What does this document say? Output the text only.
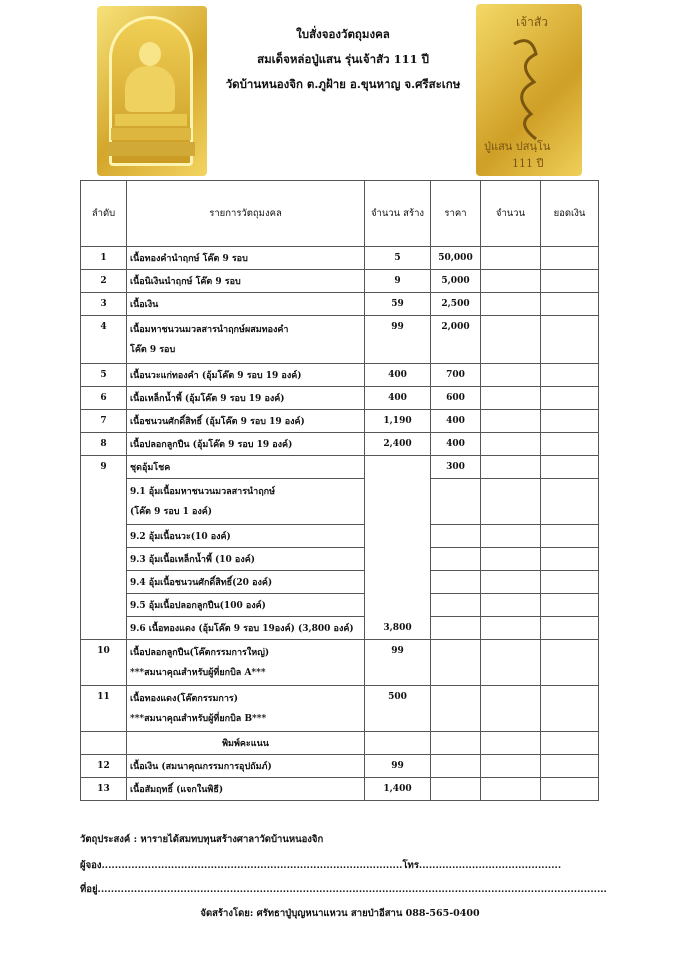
ใบสั่งจองวัตถุมงคล
สมเด็จหล่อปู่แสน รุ่นเจ้าสัว 111 ปี
วัดบ้านหนองจิก ต.ภูฝ้าย อ.ขุนหาญ จ.ศรีสะเกษ
เจ้าสัว
ปู่แสน ปสนฺโน
111 ปี
ลำดับ	รายการวัตถุมงคล	จำนวน สร้าง	ราคา	จำนวน	ยอดเงิน
1	เนื้อทองคำนำฤกษ์ โค๊ต 9 รอบ	5	50,000		
2	เนื้อนิเงินนำฤกษ์ โค๊ต 9 รอบ	9	5,000		
3	เนื้อเงิน	59	2,500		
4	เนื้อมหาชนวนมวลสารนำฤกษ์ผสมทองคำ
โค๊ต 9 รอบ	99	2,000		
5	เนื้อนวะแก่ทองคำ (อุ้มโค๊ต 9 รอบ 19 องค์)	400	700		
6	เนื้อเหล็กน้ำพี้ (อุ้มโค๊ต 9 รอบ 19 องค์)	400	600		
7	เนื้อชนวนศักดิ์สิทธิ์ (อุ้มโค๊ต 9 รอบ 19 องค์)	1,190	400		
8	เนื้อปลอกลูกปืน (อุ้มโค๊ต 9 รอบ 19 องค์)	2,400	400		
9	ชุดอุ้มโชค	3,800	300		
	9.1 อุ้มเนื้อมหาชนวนมวลสารนำฤกษ์
(โค๊ต 9 รอบ 1 องค์)				
	9.2 อุ้มเนื้อนวะ(10 องค์)				
	9.3 อุ้มเนื้อเหล็กน้ำพี้ (10 องค์)				
	9.4 อุ้มเนื้อชนวนศักดิ์สิทธิ์(20 องค์)				
	9.5 อุ้มเนื้อปลอกลูกปืน(100 องค์)				
	9.6 เนื้อทองแดง (อุ้มโค๊ต 9 รอบ 19องค์) (3,800 องค์)				
10	เนื้อปลอกลูกปืน(โค๊ตกรรมการใหญ่)
***สมนาคุณสำหรับผู้ที่ยกบิล A***	99			
11	เนื้อทองแดง(โค๊ตกรรมการ)
***สมนาคุณสำหรับผู้ที่ยกบิล B***	500			
	พิมพ์คะแนน				
12	เนื้อเงิน (สมนาคุณกรรมการอุปถัมภ์)	99			
13	เนื้อสัมฤทธิ์ (แจกในพิธี)	1,400			
วัตถุประสงค์ : หารายได้สมทบทุนสร้างศาลาวัดบ้านหนองจิก
ผู้จอง...........................................................................................โทร...........................................
ที่อยู่..........................................................................................................................................................
จัดสร้างโดย: ศรัทธาปู่บุญหนาแหวน สายป่าอีสาน 088-565-0400
